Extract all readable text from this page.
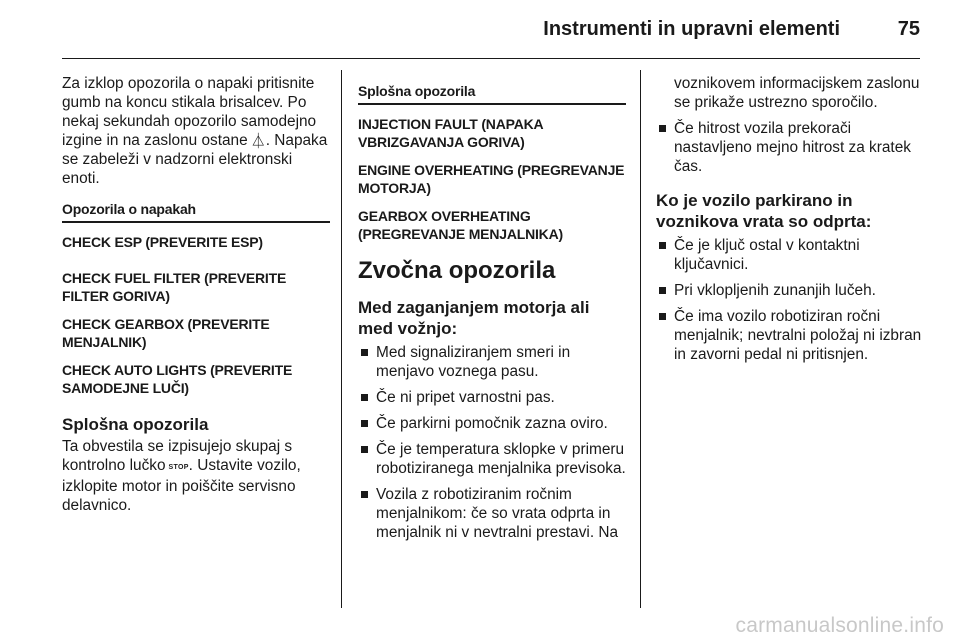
Instrumenti in upravni elementi	75

Za izklop opozorila o napaki pritisnite gumb na koncu stikala brisalcev. Po nekaj sekundah opozorilo samodejno izgine in na zaslonu ostane ⏃. Napaka se zabeleži v nadzorni elektronski enoti.

Opozorila o napakah
CHECK ESP (PREVERITE ESP)
CHECK FUEL FILTER (PREVERITE FILTER GORIVA)
CHECK GEARBOX (PREVERITE MENJALNIK)
CHECK AUTO LIGHTS (PREVERITE SAMODEJNE LUČI)
Splošna opozorila

Ta obvestila se izpisujejo skupaj s kontrolno lučko STOP. Ustavite vozilo, izklopite motor in poiščite servisno delavnico.

Splošna opozorila
INJECTION FAULT (NAPAKA VBRIZGAVANJA GORIVA)
ENGINE OVERHEATING (PREGREVANJE MOTORJA)
GEARBOX OVERHEATING (PREGREVANJE MENJALNIKA)
Zvočna opozorila
Med zaganjanjem motorja ali med vožnjo:
Med signaliziranjem smeri in menjavo voznega pasu.
Če ni pripet varnostni pas.
Če parkirni pomočnik zazna oviro.
Če je temperatura sklopke v primeru robotiziranega menjalnika previsoka.
Vozila z robotiziranim ročnim menjalnikom: če so vrata odprta in menjalnik ni v nevtralni prestavi. Na

voznikovem informacijskem zaslonu se prikaže ustrezno sporočilo.

Če hitrost vozila prekorači nastavljeno mejno hitrost za kratek čas.
Ko je vozilo parkirano in voznikova vrata so odprta:
Če je ključ ostal v kontaktni ključavnici.
Pri vklopljenih zunanjih lučeh.
Če ima vozilo robotiziran ročni menjalnik; nevtralni položaj ni izbran in zavorni pedal ni pritisnjen.
carmanualsonline.info
